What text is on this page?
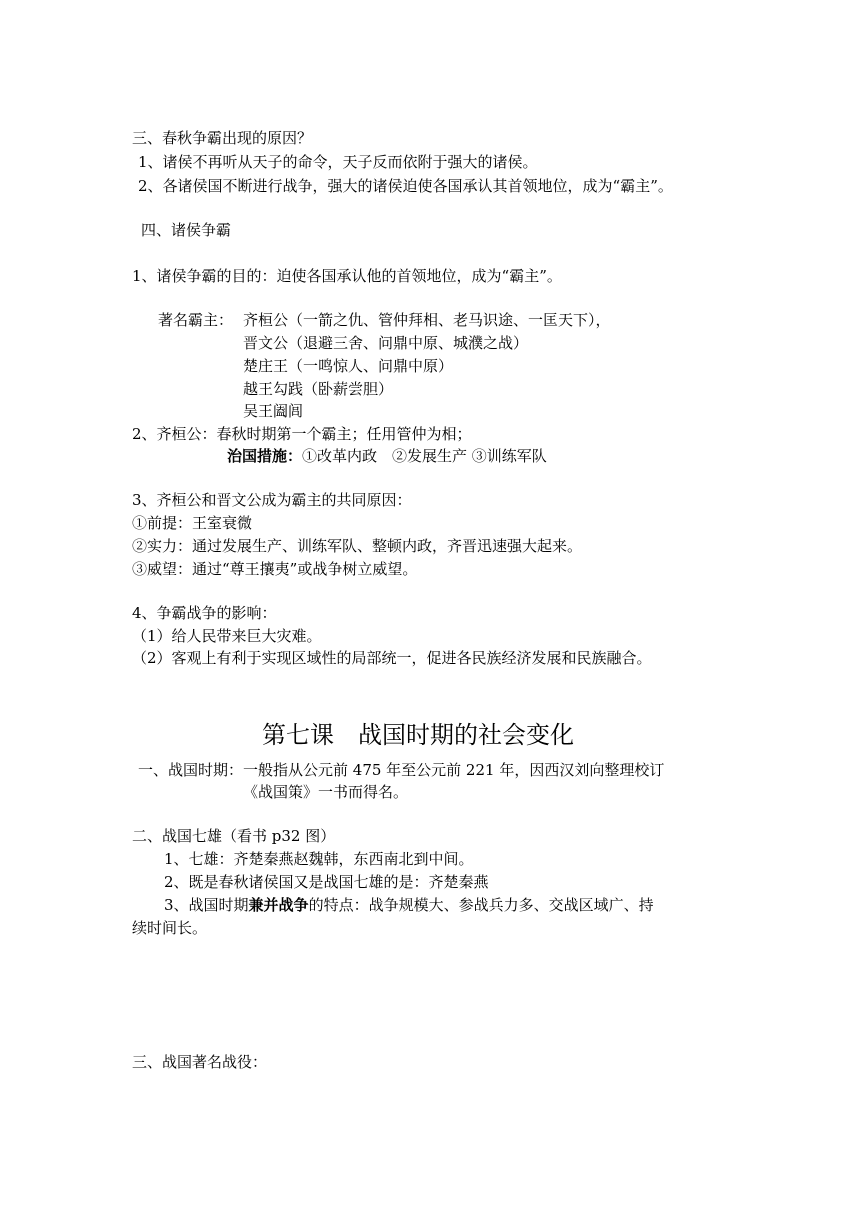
三、春秋争霸出现的原因？
1、诸侯不再听从天子的命令，天子反而依附于强大的诸侯。
2、各诸侯国不断进行战争，强大的诸侯迫使各国承认其首领地位，成为“霸主”。
四、诸侯争霸
1、诸侯争霸的目的：迫使各国承认他的首领地位，成为“霸主”。
著名霸主： 齐桓公（一箭之仇、管仲拜相、老马识途、一匡天下），
晋文公（退避三舍、问鼎中原、城濮之战）
楚庄王（一鸣惊人、问鼎中原）
越王勾践（卧薪尝胆）
吴王阖闾
2、齐桓公：春秋时期第一个霸主；任用管仲为相；
治国措施：①改革内政　②发展生产 ③训练军队
3、齐桓公和晋文公成为霸主的共同原因：
①前提：王室衰微
②实力：通过发展生产、训练军队、整顿内政，齐晋迅速强大起来。
③威望：通过“尊王攘夷”或战争树立威望。
4、争霸战争的影响：
（1）给人民带来巨大灾难。
（2）客观上有利于实现区域性的局部统一，促进各民族经济发展和民族融合。
第七课　战国时期的社会变化
一、战国时期：一般指从公元前 475 年至公元前 221 年，因西汉刘向整理校订
《战国策》一书而得名。
二、战国七雄（看书 p32 图）
1、七雄：齐楚秦燕赵魏韩，东西南北到中间。
2、既是春秋诸侯国又是战国七雄的是：齐楚秦燕
3、战国时期兼并战争的特点：战争规模大、参战兵力多、交战区域广、持
续时间长。
三、战国著名战役：
